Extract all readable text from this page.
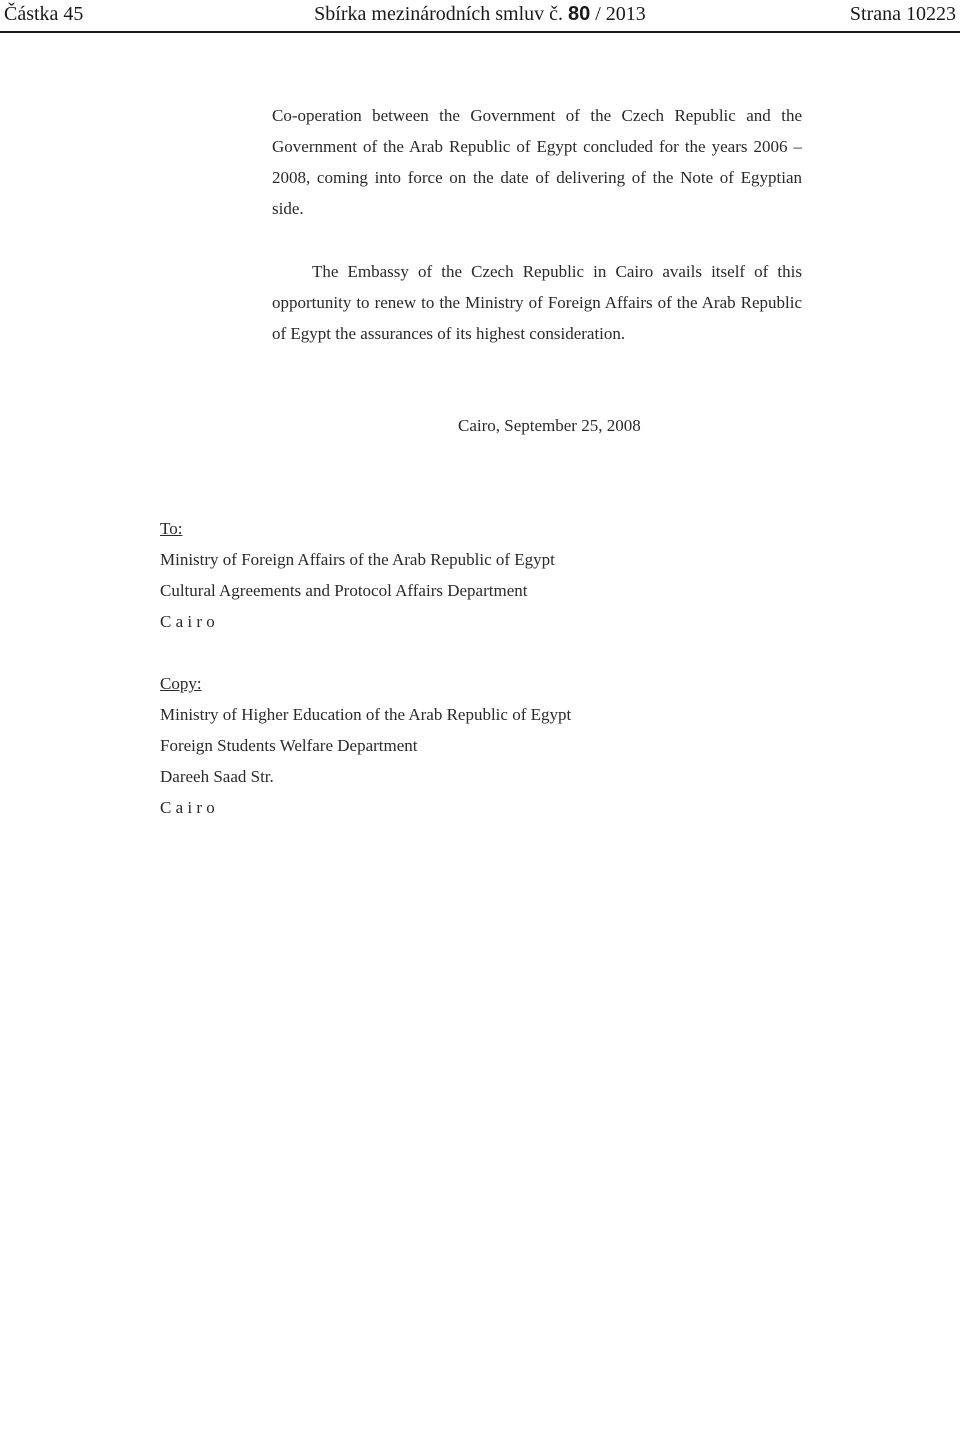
Částka 45	Sbírka mezinárodních smluv č. 80 / 2013	Strana 10223
Co-operation between the Government of the Czech Republic and the Government of the Arab Republic of Egypt concluded for the years 2006 – 2008, coming into force on the date of delivering of the Note of Egyptian side.
The Embassy of the Czech Republic in Cairo avails itself of this opportunity to renew to the Ministry of Foreign Affairs of the Arab Republic of Egypt the assurances of its highest consideration.
Cairo, September 25, 2008
To:
Ministry of Foreign Affairs of the Arab Republic of Egypt
Cultural Agreements and Protocol Affairs Department
C a i r o
Copy:
Ministry of Higher Education of the Arab Republic of Egypt
Foreign Students Welfare Department
Dareeh Saad Str.
C a i r o
